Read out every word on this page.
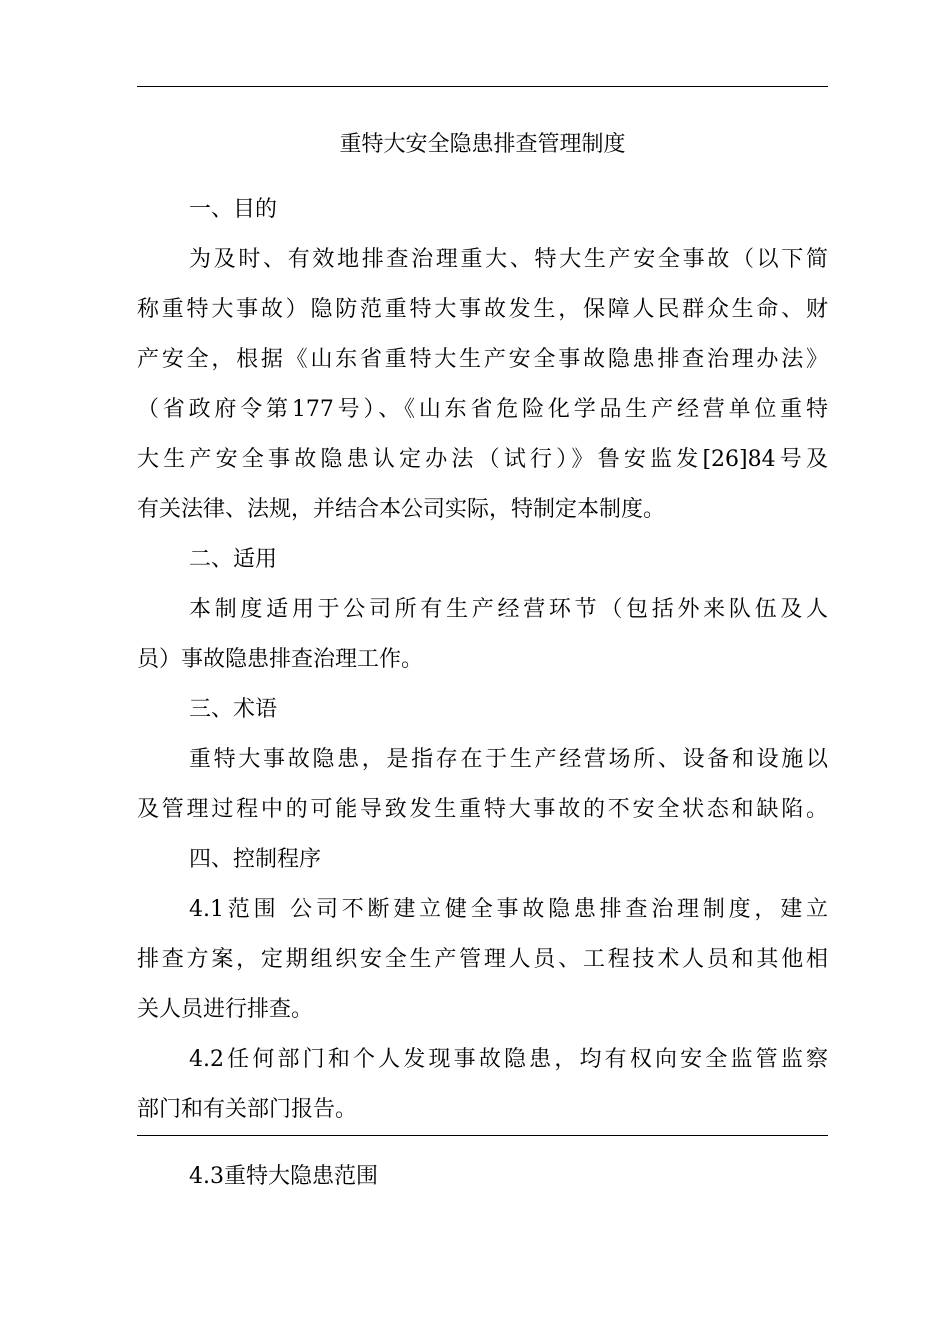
重特大安全隐患排查管理制度
一、目的
为及时、有效地排查治理重大、特大生产安全事故（以下简
称重特大事故）隐防范重特大事故发生，保障人民群众生命、财
产安全，根据《山东省重特大生产安全事故隐患排查治理办法》
（省政府令第177号）、《山东省危险化学品生产经营单位重特
大生产安全事故隐患认定办法（试行）》鲁安监发[26]84号及
有关法律、法规，并结合本公司实际，特制定本制度。
二、适用
本制度适用于公司所有生产经营环节（包括外来队伍及人
员）事故隐患排查治理工作。
三、术语
重特大事故隐患，是指存在于生产经营场所、设备和设施以
及管理过程中的可能导致发生重特大事故的不安全状态和缺陷。
四、控制程序
4.1范围 公司不断建立健全事故隐患排查治理制度，建立
排查方案，定期组织安全生产管理人员、工程技术人员和其他相
关人员进行排查。
4.2任何部门和个人发现事故隐患，均有权向安全监管监察
部门和有关部门报告。
4.3重特大隐患范围
